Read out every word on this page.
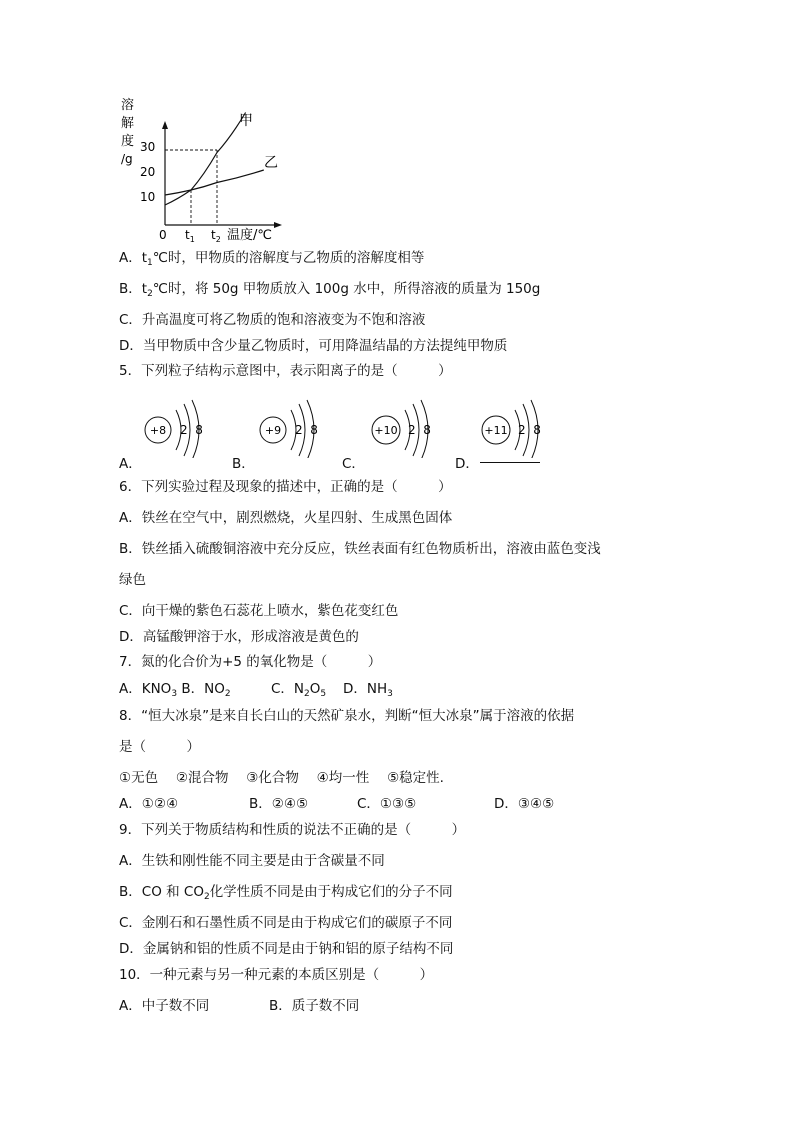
溶
解
度
/g
30
20
10
0 $t_1$ $t_2$ 温度/℃
甲
乙
A．$t_1℃$时，甲物质的溶解度与乙物质的溶解度相等
B．$t_2℃$时，将 50g 甲物质放入 100g 水中，所得溶液的质量为 150g
C．升高温度可将乙物质的饱和溶液变为不饱和溶液
D．当甲物质中含少量乙物质时，可用降温结晶的方法提纯甲物质
5．下列粒子结构示意图中，表示阳离子的是（　　　）
+8 2  8	+9 2  8	+10 2  8	+11 2  8
A．	B．	C．	D．
6．下列实验过程及现象的描述中，正确的是（　　　）
A．铁丝在空气中，剧烈燃烧，火星四射、生成黑色固体
B．铁丝插入硫酸铜溶液中充分反应，铁丝表面有红色物质析出，溶液由蓝色变浅
绿色
C．向干燥的紫色石蕊花上喷水，紫色花变红色
D．高锰酸钾溶于水，形成溶液是黄色的
7．氮的化合价为+5 的氧化物是（　　　）
A．$KNO_3$ B．$NO_2$	C．$N_2O_5$ D．$NH_3$
8．“恒大冰泉”是来自长白山的天然矿泉水，判断“恒大冰泉”属于溶液的依据
是（　　　）
①无色　 ②混合物　 ③化合物　 ④均一性　 ⑤稳定性.
A．①②④	B．②④⑤	C．①③⑤	D．③④⑤
9．下列关于物质结构和性质的说法不正确的是（　　　）
A．生铁和刚性能不同主要是由于含碳量不同
B．CO 和 $CO_2$化学性质不同是由于构成它们的分子不同
C．金刚石和石墨性质不同是由于构成它们的碳原子不同
D．金属钠和铝的性质不同是由于钠和铝的原子结构不同
10．一种元素与另一种元素的本质区别是（　　　）
A．中子数不同	B．质子数不同
